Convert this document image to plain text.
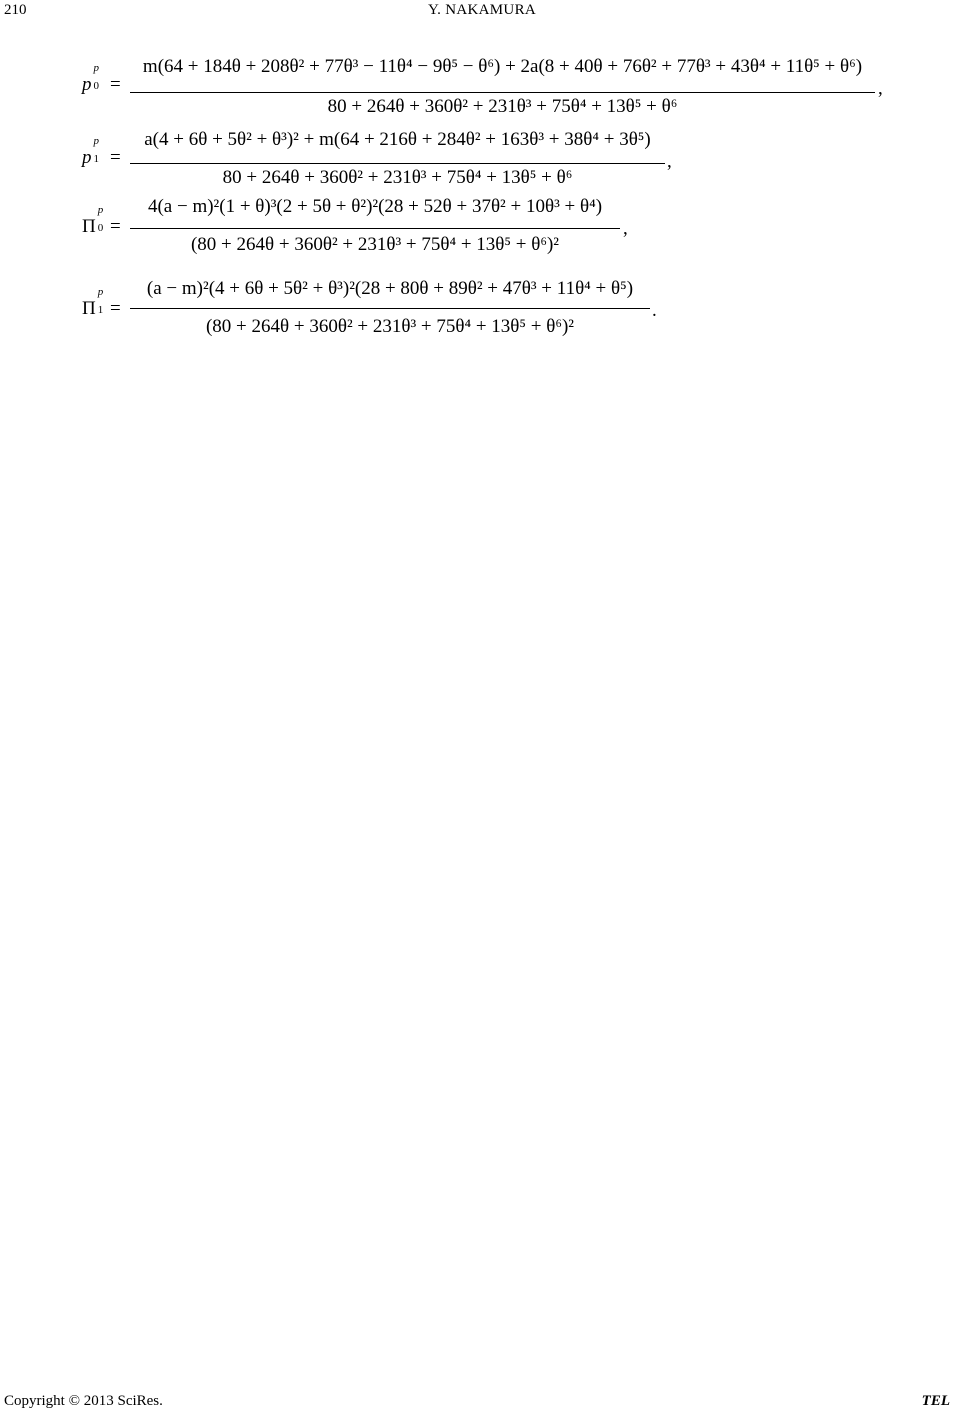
210	Y. NAKAMURA
p
p
0 =
m(64 + 184θ + 208θ² + 77θ³ − 11θ⁴ − 9θ⁵ − θ⁶) + 2a(8 + 40θ + 76θ² + 77θ³ + 43θ⁴ + 11θ⁵ + θ⁶)
80 + 264θ + 360θ² + 231θ³ + 75θ⁴ + 13θ⁵ + θ⁶
,
p
p
1 =
a(4 + 6θ + 5θ² + θ³)² + m(64 + 216θ + 284θ² + 163θ³ + 38θ⁴ + 3θ⁵)
80 + 264θ + 360θ² + 231θ³ + 75θ⁴ + 13θ⁵ + θ⁶
,
Π
p
0 =
4(a − m)²(1 + θ)³(2 + 5θ + θ²)²(28 + 52θ + 37θ² + 10θ³ + θ⁴)
(80 + 264θ + 360θ² + 231θ³ + 75θ⁴ + 13θ⁵ + θ⁶)²
,
Π
p
1 =
(a − m)²(4 + 6θ + 5θ² + θ³)²(28 + 80θ + 89θ² + 47θ³ + 11θ⁴ + θ⁵)
(80 + 264θ + 360θ² + 231θ³ + 75θ⁴ + 13θ⁵ + θ⁶)²
.
Copyright © 2013 SciRes.	TEL
